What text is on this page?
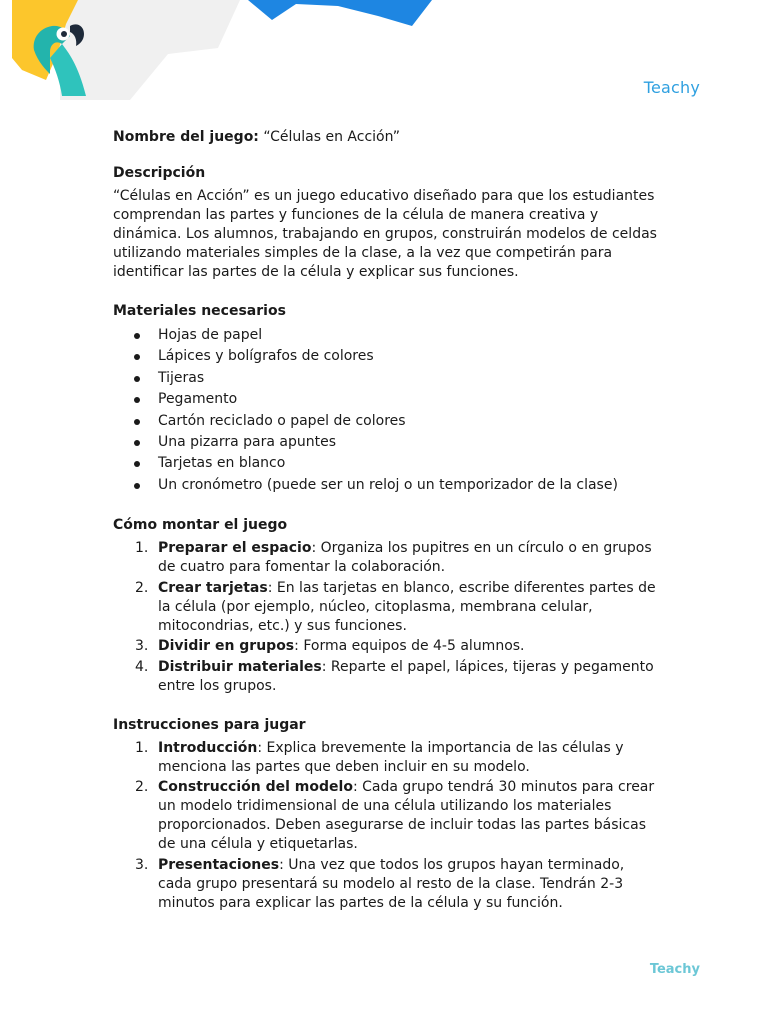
Teachy

Nombre del juego: “Células en Acción”

Descripción

“Células en Acción” es un juego educativo diseñado para que los estudiantes comprendan las partes y funciones de la célula de manera creativa y dinámica. Los alumnos, trabajando en grupos, construirán modelos de celdas utilizando materiales simples de la clase, a la vez que competirán para identificar las partes de la célula y explicar sus funciones.

Materiales necesarios

Hojas de papel
Lápices y bolígrafos de colores
Tijeras
Pegamento
Cartón reciclado o papel de colores
Una pizarra para apuntes
Tarjetas en blanco
Un cronómetro (puede ser un reloj o un temporizador de la clase)

Cómo montar el juego

1. Preparar el espacio: Organiza los pupitres en un círculo o en grupos de cuatro para fomentar la colaboración.
2. Crear tarjetas: En las tarjetas en blanco, escribe diferentes partes de la célula (por ejemplo, núcleo, citoplasma, membrana celular, mitocondrias, etc.) y sus funciones.
3. Dividir en grupos: Forma equipos de 4-5 alumnos.
4. Distribuir materiales: Reparte el papel, lápices, tijeras y pegamento entre los grupos.

Instrucciones para jugar

1. Introducción: Explica brevemente la importancia de las células y menciona las partes que deben incluir en su modelo.
2. Construcción del modelo: Cada grupo tendrá 30 minutos para crear un modelo tridimensional de una célula utilizando los materiales proporcionados. Deben asegurarse de incluir todas las partes básicas de una célula y etiquetarlas.
3. Presentaciones: Una vez que todos los grupos hayan terminado, cada grupo presentará su modelo al resto de la clase. Tendrán 2-3 minutos para explicar las partes de la célula y su función.
Teachy
